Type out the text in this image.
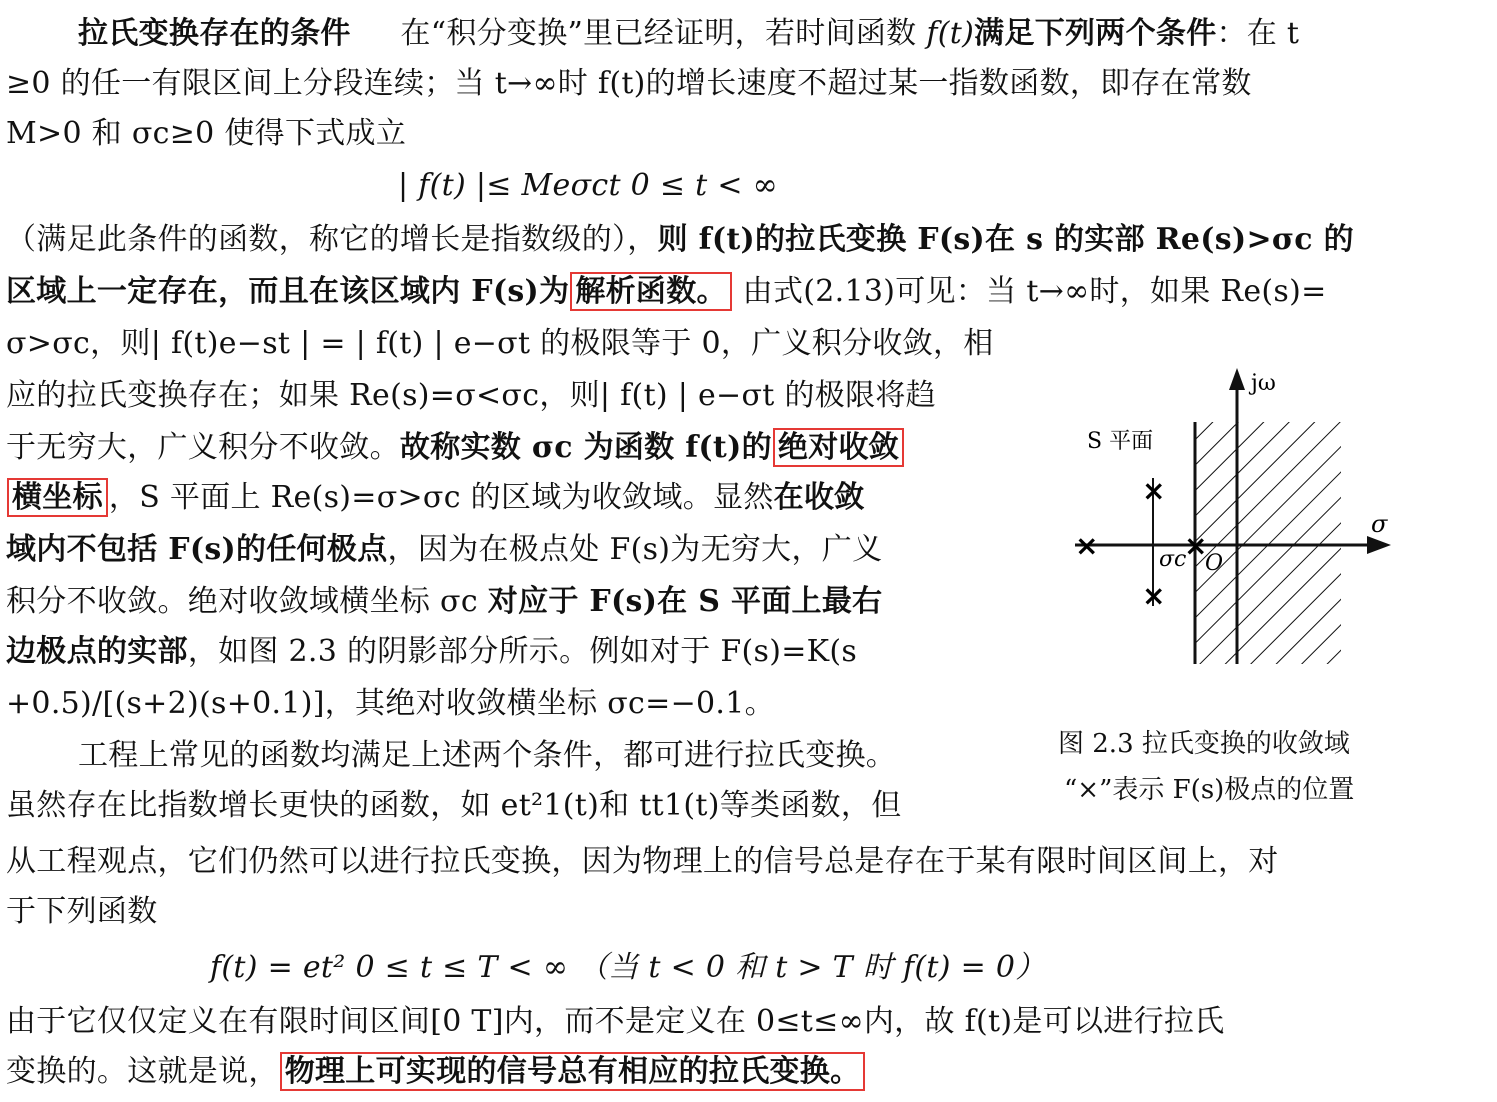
拉氏变换存在的条件 在“积分变换”里已经证明，若时间函数 f(t)满足下列两个条件：在 t
≥0 的任一有限区间上分段连续；当 t→∞时 f(t)的增长速度不超过某一指数函数，即存在常数
M>0 和 σc≥0 使得下式成立
| f(t) |≤ Meσct 0 ≤ t < ∞
（满足此条件的函数，称它的增长是指数级的），则 f(t)的拉氏变换 F(s)在 s 的实部 Re(s)>σc 的
区域上一定存在，而且在该区域内 F(s)为 解析函数。 由式(2.13)可见：当 t→∞时，如果 Re(s)=
σ>σc，则| f(t)e−st | = | f(t) | e−σt 的极限等于 0，广义积分收敛，相
应的拉氏变换存在；如果 Re(s)=σ<σc，则| f(t) | e−σt 的极限将趋
于无穷大，广义积分不收敛。故称实数 σc 为函数 f(t)的 绝对收敛
横坐标 ，S 平面上 Re(s)=σ>σc 的区域为收敛域。显然在收敛
域内不包括 F(s)的任何极点，因为在极点处 F(s)为无穷大，广义
积分不收敛。绝对收敛域横坐标 σc 对应于 F(s)在 S 平面上最右
边极点的实部，如图 2.3 的阴影部分所示。例如对于 F(s)=K(s
+0.5)/[(s+2)(s+0.1)]，其绝对收敛横坐标 σc=−0.1。
工程上常见的函数均满足上述两个条件，都可进行拉氏变换。
虽然存在比指数增长更快的函数，如 et²1(t)和 tt1(t)等类函数，但
从工程观点，它们仍然可以进行拉氏变换，因为物理上的信号总是存在于某有限时间区间上，对
于下列函数
f(t) = et² 0 ≤ t ≤ T < ∞ （当 t < 0 和 t > T 时 f(t) = 0）
由于它仅仅定义在有限时间区间[0 T]内，而不是定义在 0≤t≤∞内，故 f(t)是可以进行拉氏
变换的。这就是说， 物理上可实现的信号总有相应的拉氏变换。
jω
σ
S 平面
σc O
×
×
×	×
图 2.3 拉氏变换的收敛域
“×”表示 F(s)极点的位置
